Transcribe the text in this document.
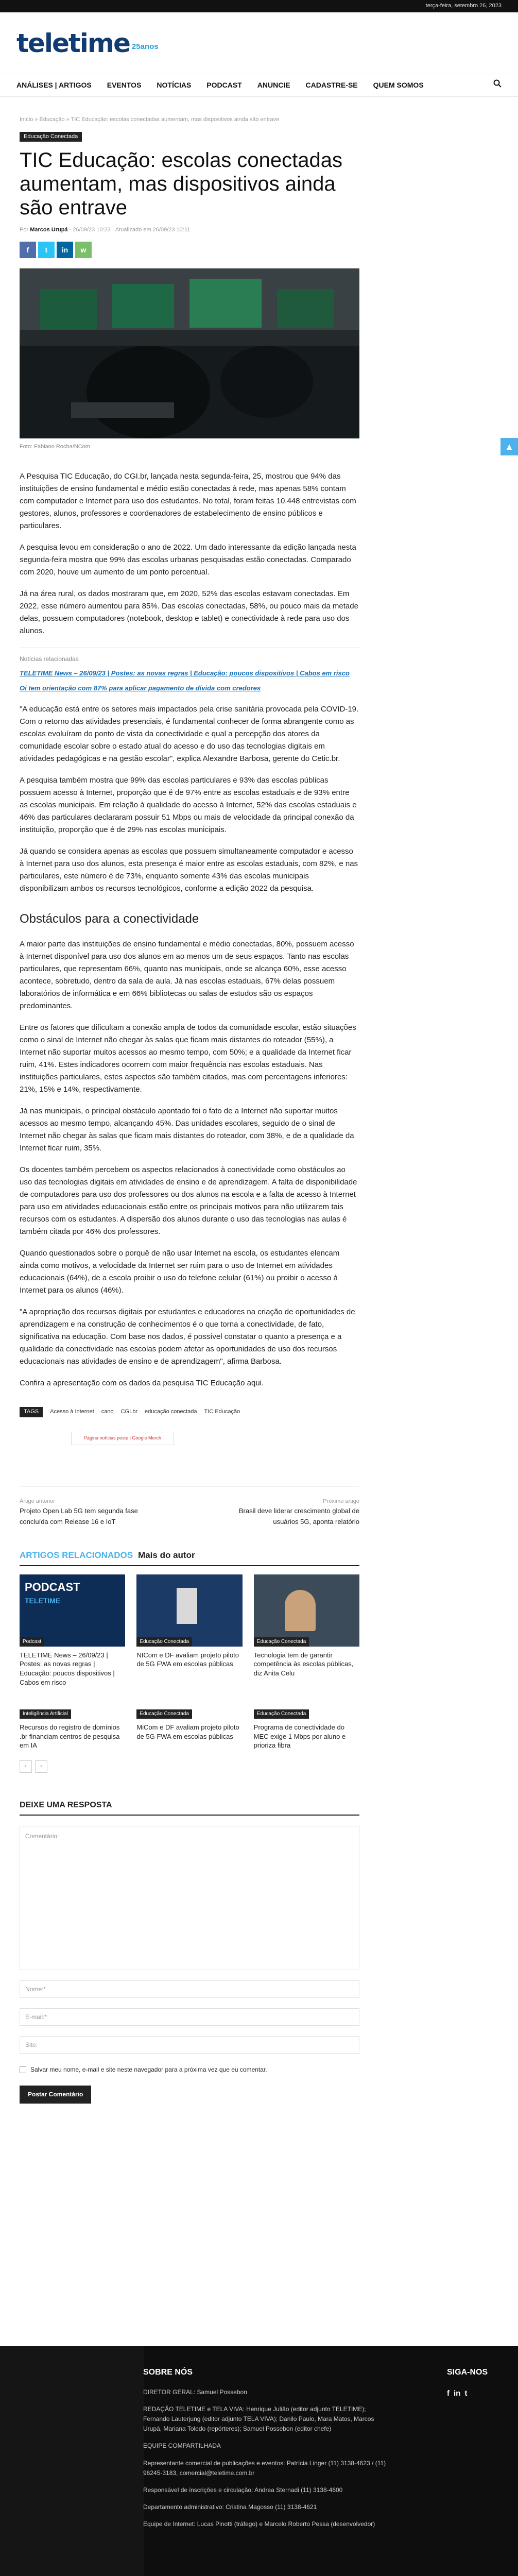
terça-feira, setembro 26, 2023
teletime 25anos
ANÁLISES | ARTIGOS EVENTOS NOTÍCIAS PODCAST ANUNCIE CADASTRE-SE QUEM SOMOS
Início » Educação » TIC Educação: escolas conectadas aumentam, mas dispositivos ainda são entrave
Educação Conectada
TIC Educação: escolas conectadas aumentam, mas dispositivos ainda são entrave
Por Marcos Urupá - 26/09/23 10:23 · Atualizado em 26/09/23 10:11
f	t	in	w
Foto: Fabiano Rocha/NCom

A Pesquisa TIC Educação, do CGI.br, lançada nesta segunda-feira, 25, mostrou que 94% das instituições de ensino fundamental e médio estão conectadas à rede, mas apenas 58% contam com computador e Internet para uso dos estudantes. No total, foram feitas 10.448 entrevistas com gestores, alunos, professores e coordenadores de estabelecimento de ensino públicos e particulares.

A pesquisa levou em consideração o ano de 2022. Um dado interessante da edição lançada nesta segunda-feira mostra que 99% das escolas urbanas pesquisadas estão conectadas. Comparado com 2020, houve um aumento de um ponto percentual.

Já na área rural, os dados mostraram que, em 2020, 52% das escolas estavam conectadas. Em 2022, esse número aumentou para 85%. Das escolas conectadas, 58%, ou pouco mais da metade delas, possuem computadores (notebook, desktop e tablet) e conectividade à rede para uso dos alunos.

Notícias relacionadas
TELETIME News – 26/09/23 | Postes: as novas regras | Educação: poucos dispositivos | Cabos em risco
Oi tem orientação com 87% para aplicar pagamento de dívida com credores

"A educação está entre os setores mais impactados pela crise sanitária provocada pela COVID-19. Com o retorno das atividades presenciais, é fundamental conhecer de forma abrangente como as escolas evoluíram do ponto de vista da conectividade e qual a percepção dos atores da comunidade escolar sobre o estado atual do acesso e do uso das tecnologias digitais em atividades pedagógicas e na gestão escolar", explica Alexandre Barbosa, gerente do Cetic.br.

A pesquisa também mostra que 99% das escolas particulares e 93% das escolas públicas possuem acesso à Internet, proporção que é de 97% entre as escolas estaduais e de 93% entre as escolas municipais. Em relação à qualidade do acesso à Internet, 52% das escolas estaduais e 46% das particulares declararam possuir 51 Mbps ou mais de velocidade da principal conexão da instituição, proporção que é de 29% nas escolas municipais.

Já quando se considera apenas as escolas que possuem simultaneamente computador e acesso à Internet para uso dos alunos, esta presença é maior entre as escolas estaduais, com 82%, e nas particulares, este número é de 73%, enquanto somente 43% das escolas municipais disponibilizam ambos os recursos tecnológicos, conforme a edição 2022 da pesquisa.

Obstáculos para a conectividade

A maior parte das instituições de ensino fundamental e médio conectadas, 80%, possuem acesso à Internet disponível para uso dos alunos em ao menos um de seus espaços. Tanto nas escolas particulares, que representam 66%, quanto nas municipais, onde se alcança 60%, esse acesso acontece, sobretudo, dentro da sala de aula. Já nas escolas estaduais, 67% delas possuem laboratórios de informática e em 66% bibliotecas ou salas de estudos são os espaços predominantes.

Entre os fatores que dificultam a conexão ampla de todos da comunidade escolar, estão situações como o sinal de Internet não chegar às salas que ficam mais distantes do roteador (55%), a Internet não suportar muitos acessos ao mesmo tempo, com 50%; e a qualidade da Internet ficar ruim, 41%. Estes indicadores ocorrem com maior frequência nas escolas estaduais. Nas instituições particulares, estes aspectos são também citados, mas com percentagens inferiores: 21%, 15% e 14%, respectivamente.

Já nas municipais, o principal obstáculo apontado foi o fato de a Internet não suportar muitos acessos ao mesmo tempo, alcançando 45%. Das unidades escolares, seguido de o sinal de Internet não chegar às salas que ficam mais distantes do roteador, com 38%, e de a qualidade da Internet ficar ruim, 35%.

Os docentes também percebem os aspectos relacionados à conectividade como obstáculos ao uso das tecnologias digitais em atividades de ensino e de aprendizagem. A falta de disponibilidade de computadores para uso dos professores ou dos alunos na escola e a falta de acesso à Internet para uso em atividades educacionais estão entre os principais motivos para não utilizarem tais recursos com os estudantes. A dispersão dos alunos durante o uso das tecnologias nas aulas é também citada por 46% dos professores.

Quando questionados sobre o porquê de não usar Internet na escola, os estudantes elencam ainda como motivos, a velocidade da Internet ser ruim para o uso de Internet em atividades educacionais (64%), de a escola proibir o uso do telefone celular (61%) ou proibir o acesso à Internet para os alunos (46%).

"A apropriação dos recursos digitais por estudantes e educadores na criação de oportunidades de aprendizagem e na construção de conhecimentos é o que torna a conectividade, de fato, significativa na educação. Com base nos dados, é possível constatar o quanto a presença e a qualidade da conectividade nas escolas podem afetar as oportunidades de uso dos recursos educacionais nas atividades de ensino e de aprendizagem", afirma Barbosa.

Confira a apresentação com os dados da pesquisa TIC Educação aqui.

TAGS	Acesso à Internet cano CGI.br educação conectada TIC Educação
Página notícias poste | Google Merch
Artigo anterior
Projeto Open Lab 5G tem segunda fase concluída com Release 16 e IoT
Próximo artigo
Brasil deve liderar crescimento global de usuários 5G, aponta relatório
ARTIGOS RELACIONADOS Mais do autor
PODCAST
TELETIME
Podcast
TELETIME News – 26/09/23 | Postes: as novas regras | Educação: poucos dispositivos | Cabos em risco
Educação Conectada
NICom e DF avaliam projeto piloto de 5G FWA em escolas públicas
Educação Conectada
Tecnologia tem de garantir competência às escolas públicas, diz Anita Celu
Inteligência Artificial
Recursos do registro de domínios .br financiam centros de pesquisa em IA
Educação Conectada
MiCom e DF avaliam projeto piloto de 5G FWA em escolas públicas
Educação Conectada
Programa de conectividade do MEC exige 1 Mbps por aluno e prioriza fibra
‹	›
DEIXE UMA RESPOSTA
Comentário:
Nome:*
E-mail:*
Site:
Salvar meu nome, e-mail e site neste navegador para a próxima vez que eu comentar.
Postar Comentário
▲
SOBRE NÓS

DIRETOR GERAL: Samuel Possebon

REDAÇÃO TELETIME e TELA VIVA: Henrique Julião (editor adjunto TELETIME); Fernando Lauterjung (editor adjunto TELA VIVA); Danilo Paulo, Mara Matos, Marcos Urupá, Mariana Toledo (repórteres); Samuel Possebon (editor chefe)

EQUIPE COMPARTILHADA

Representante comercial de publicações e eventos: Patrícia Linger (11) 3138-4623 / (11) 96245-3183, comercial@teletime.com.br

Responsável de inscrições e circulação: Andrea Sternadi (11) 3138-4600

Departamento administrativo: Cristina Magosso (11) 3138-4621

Equipe de Internet: Lucas Pinotti (tráfego) e Marcelo Roberto Pessa (desenvolvedor)

SIGA-NOS
f in t
